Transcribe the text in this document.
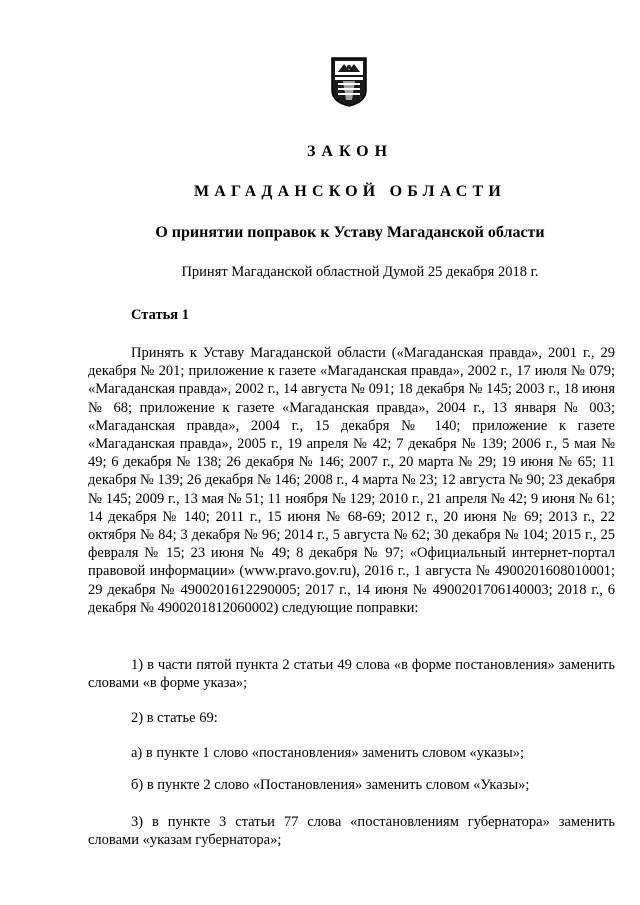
ЗАКОН
МАГАДАНСКОЙ ОБЛАСТИ
О принятии поправок к Уставу Магаданской области
Принят Магаданской областной Думой 25 декабря 2018 г.
Статья 1

Принять к Уставу Магаданской области («Магаданская правда», 2001 г., 29 декабря № 201; приложение к газете «Магаданская правда», 2002 г., 17 июля № 079; «Магаданская правда», 2002 г., 14 августа № 091; 18 декабря № 145; 2003 г., 18 июня № 68; приложение к газете «Магаданская правда», 2004 г., 13 января № 003; «Магаданская правда», 2004 г., 15 декабря № 140; приложение к газете «Магаданская правда», 2005 г., 19 апреля № 42; 7 декабря № 139; 2006 г., 5 мая № 49; 6 декабря № 138; 26 декабря № 146; 2007 г., 20 марта № 29; 19 июня № 65; 11 декабря № 139; 26 декабря № 146; 2008 г., 4 марта № 23; 12 августа № 90; 23 декабря № 145; 2009 г., 13 мая № 51; 11 ноября № 129; 2010 г., 21 апреля № 42; 9 июня № 61; 14 декабря № 140; 2011 г., 15 июня № 68-69; 2012 г., 20 июня № 69; 2013 г., 22 октября № 84; 3 декабря № 96; 2014 г., 5 августа № 62; 30 декабря № 104; 2015 г., 25 февраля № 15; 23 июня № 49; 8 декабря № 97; «Официальный интернет-портал правовой информации» (www.pravo.gov.ru), 2016 г., 1 августа № 4900201608010001; 29 декабря № 4900201612290005; 2017 г., 14 июня № 4900201706140003; 2018 г., 6 декабря № 4900201812060002) следующие поправки:

1) в части пятой пункта 2 статьи 49 слова «в форме постановления» заменить словами «в форме указа»;

2) в статье 69:

а) в пункте 1 слово «постановления» заменить словом «указы»;

б) в пункте 2 слово «Постановления» заменить словом «Указы»;

3) в пункте 3 статьи 77 слова «постановлениям губернатора» заменить словами «указам губернатора»;
